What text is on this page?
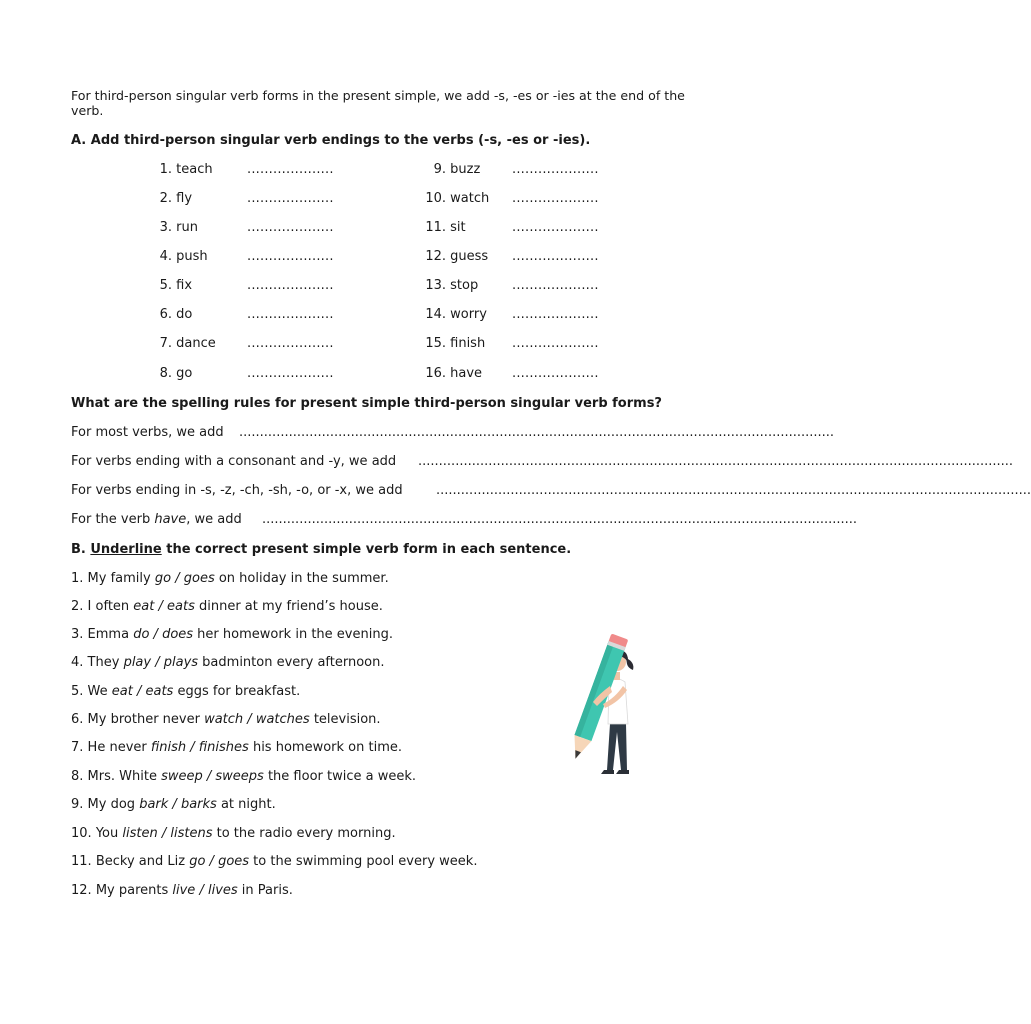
For third-person singular verb forms in the present simple, we add -s, -es or -ies at the end of the verb.
A. Add third-person singular verb endings to the verbs (-s, -es or -ies).
1. teach
2. fly
3. run
4. push
5. fix
6. do
7. dance
8. go
....................
....................
....................
....................
....................
....................
....................
....................
9. buzz
10. watch
11. sit
12. guess
13. stop
14. worry
15. finish
16. have
....................
....................
....................
....................
....................
....................
....................
....................
What are the spelling rules for present simple third-person singular verb forms?
For most verbs, we add ................................................................................................................................................
For verbs ending with a consonant and -y, we add ................................................................................................................................................
For verbs ending in -s, -z, -ch, -sh, -o, or -x, we add	................................................................................................................................................
For the verb have, we add ................................................................................................................................................
B. Underline the correct present simple verb form in each sentence.
1. My family go / goes on holiday in the summer.
2. I often eat / eats dinner at my friend’s house.
3. Emma do / does her homework in the evening.
4. They play / plays badminton every afternoon.
5. We eat / eats eggs for breakfast.
6. My brother never watch / watches television.
7. He never finish / finishes his homework on time.
8. Mrs. White sweep / sweeps the floor twice a week.
9. My dog bark / barks at night.
10. You listen / listens to the radio every morning.
11. Becky and Liz go / goes to the swimming pool every week.
12. My parents live / lives in Paris.
